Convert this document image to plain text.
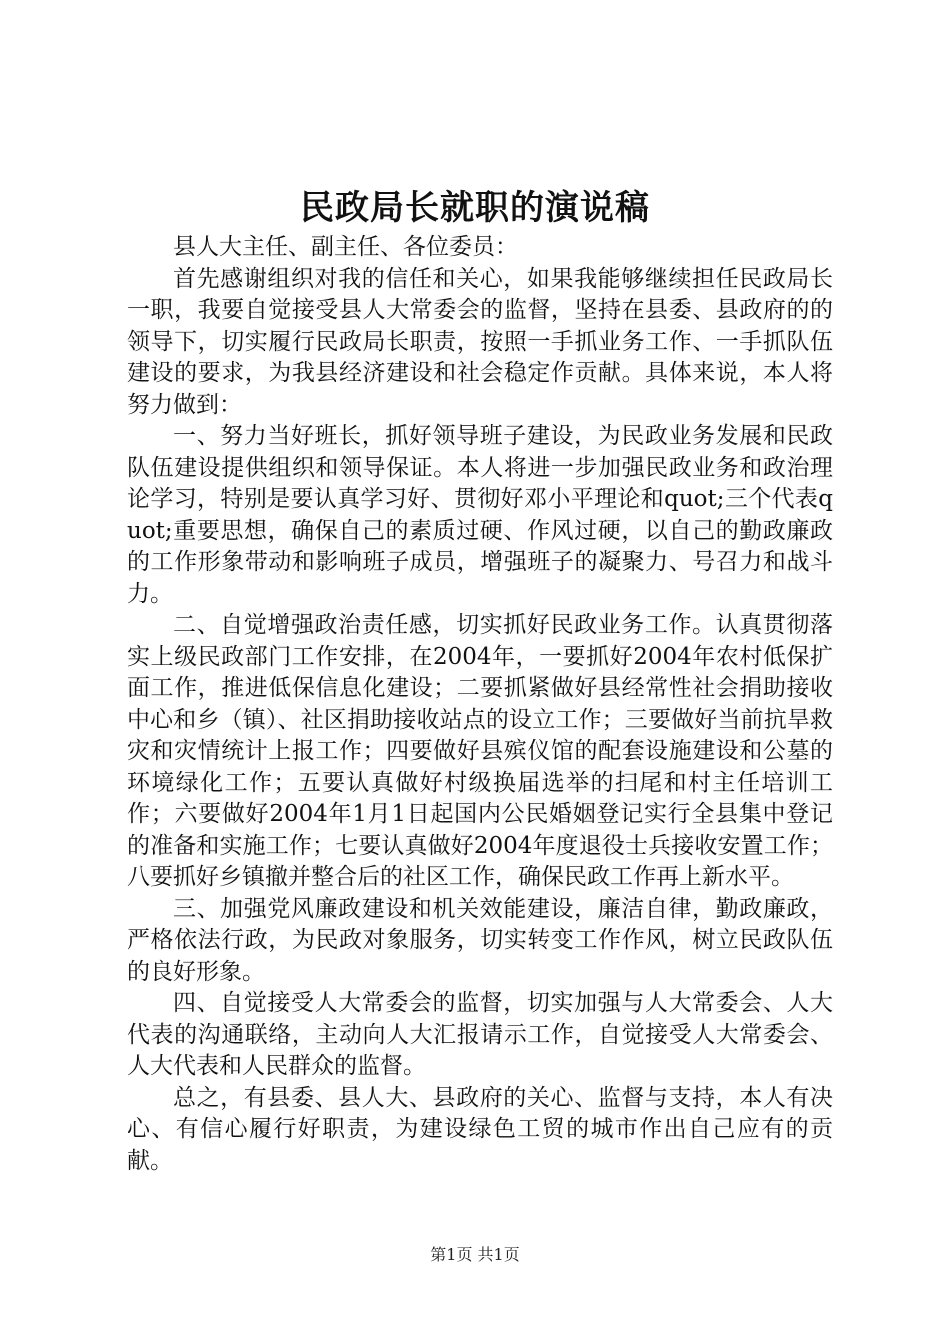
民政局长就职的演说稿

县人大主任、副主任、各位委员：

首先感谢组织对我的信任和关心，如果我能够继续担任民政局长一职，我要自觉接受县人大常委会的监督，坚持在县委、县政府的的领导下，切实履行民政局长职责，按照一手抓业务工作、一手抓队伍建设的要求，为我县经济建设和社会稳定作贡献。具体来说，本人将努力做到：

一、努力当好班长，抓好领导班子建设，为民政业务发展和民政队伍建设提供组织和领导保证。本人将进一步加强民政业务和政治理论学习，特别是要认真学习好、贯彻好邓小平理论和quot;三个代表quot;重要思想，确保自己的素质过硬、作风过硬，以自己的勤政廉政的工作形象带动和影响班子成员，增强班子的凝聚力、号召力和战斗力。

二、自觉增强政治责任感，切实抓好民政业务工作。认真贯彻落实上级民政部门工作安排，在2004年，一要抓好2004年农村低保扩面工作，推进低保信息化建设；二要抓紧做好县经常性社会捐助接收中心和乡（镇）、社区捐助接收站点的设立工作；三要做好当前抗旱救灾和灾情统计上报工作；四要做好县殡仪馆的配套设施建设和公墓的环境绿化工作；五要认真做好村级换届选举的扫尾和村主任培训工作；六要做好2004年1月1日起国内公民婚姻登记实行全县集中登记的准备和实施工作；七要认真做好2004年度退役士兵接收安置工作；八要抓好乡镇撤并整合后的社区工作，确保民政工作再上新水平。

三、加强党风廉政建设和机关效能建设，廉洁自律，勤政廉政，严格依法行政，为民政对象服务，切实转变工作作风，树立民政队伍的良好形象。

四、自觉接受人大常委会的监督，切实加强与人大常委会、人大代表的沟通联络，主动向人大汇报请示工作，自觉接受人大常委会、人大代表和人民群众的监督。

总之，有县委、县人大、县政府的关心、监督与支持，本人有决心、有信心履行好职责，为建设绿色工贸的城市作出自己应有的贡献。

第1页 共1页
